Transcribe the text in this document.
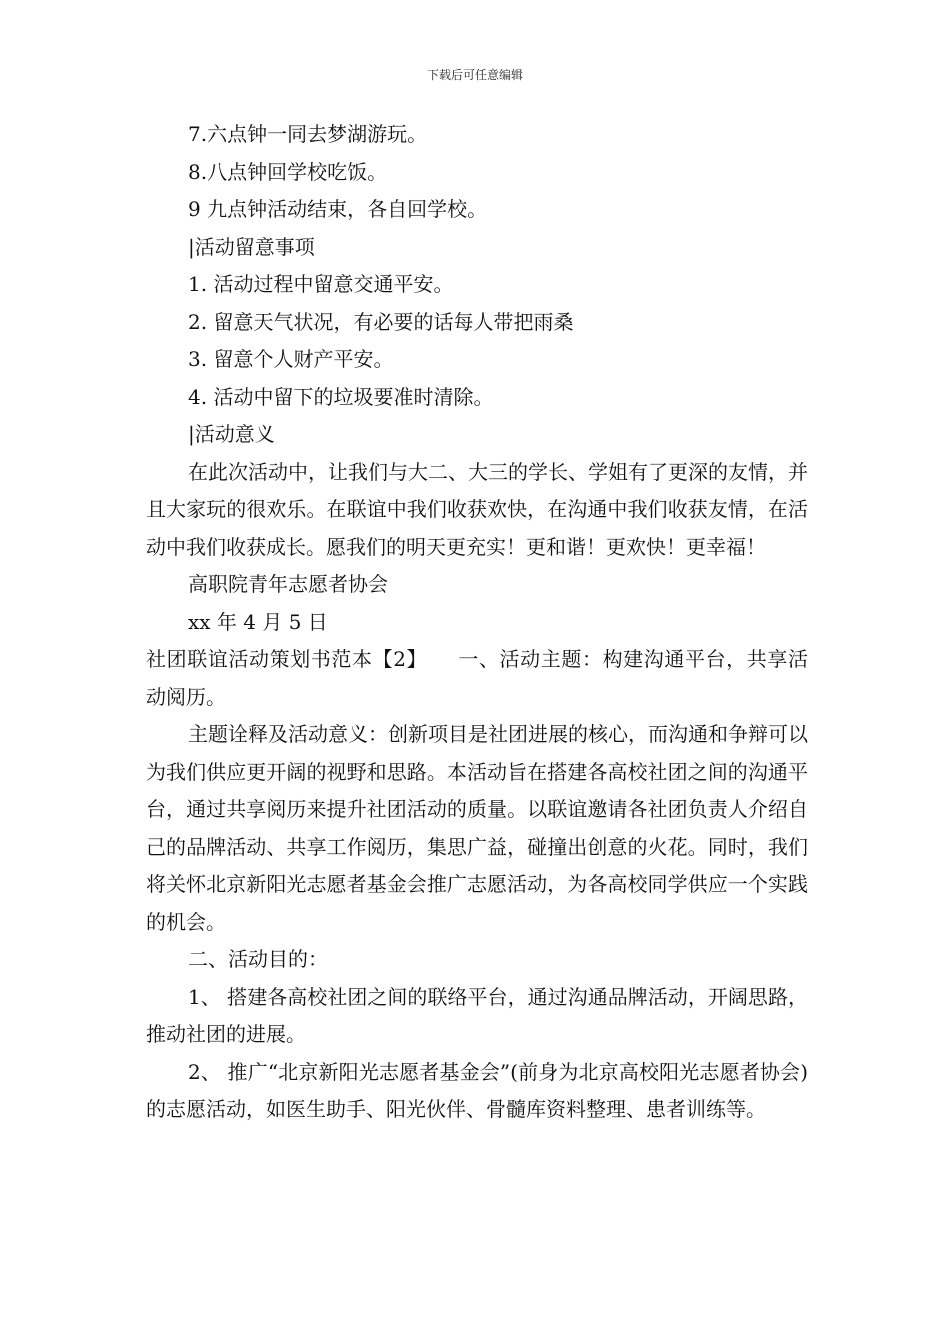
下载后可任意编辑

7.六点钟一同去梦湖游玩。

8.八点钟回学校吃饭。

9 九点钟活动结束，各自回学校。

|活动留意事项

1. 活动过程中留意交通平安。

2. 留意天气状况，有必要的话每人带把雨桑

3. 留意个人财产平安。

4. 活动中留下的垃圾要准时清除。

|活动意义

在此次活动中，让我们与大二、大三的学长、学姐有了更深的友情，并且大家玩的很欢乐。在联谊中我们收获欢快，在沟通中我们收获友情，在活动中我们收获成长。愿我们的明天更充实！更和谐！更欢快！更幸福！

高职院青年志愿者协会

xx 年 4 月 5 日

社团联谊活动策划书范本【2】　　一、活动主题：构建沟通平台，共享活动阅历。

主题诠释及活动意义：创新项目是社团进展的核心，而沟通和争辩可以为我们供应更开阔的视野和思路。本活动旨在搭建各高校社团之间的沟通平台，通过共享阅历来提升社团活动的质量。以联谊邀请各社团负责人介绍自己的品牌活动、共享工作阅历，集思广益，碰撞出创意的火花。同时，我们将关怀北京新阳光志愿者基金会推广志愿活动，为各高校同学供应一个实践的机会。

二、活动目的：

1、 搭建各高校社团之间的联络平台，通过沟通品牌活动，开阔思路，推动社团的进展。

2、 推广“北京新阳光志愿者基金会”(前身为北京高校阳光志愿者协会)的志愿活动，如医生助手、阳光伙伴、骨髓库资料整理、患者训练等。
